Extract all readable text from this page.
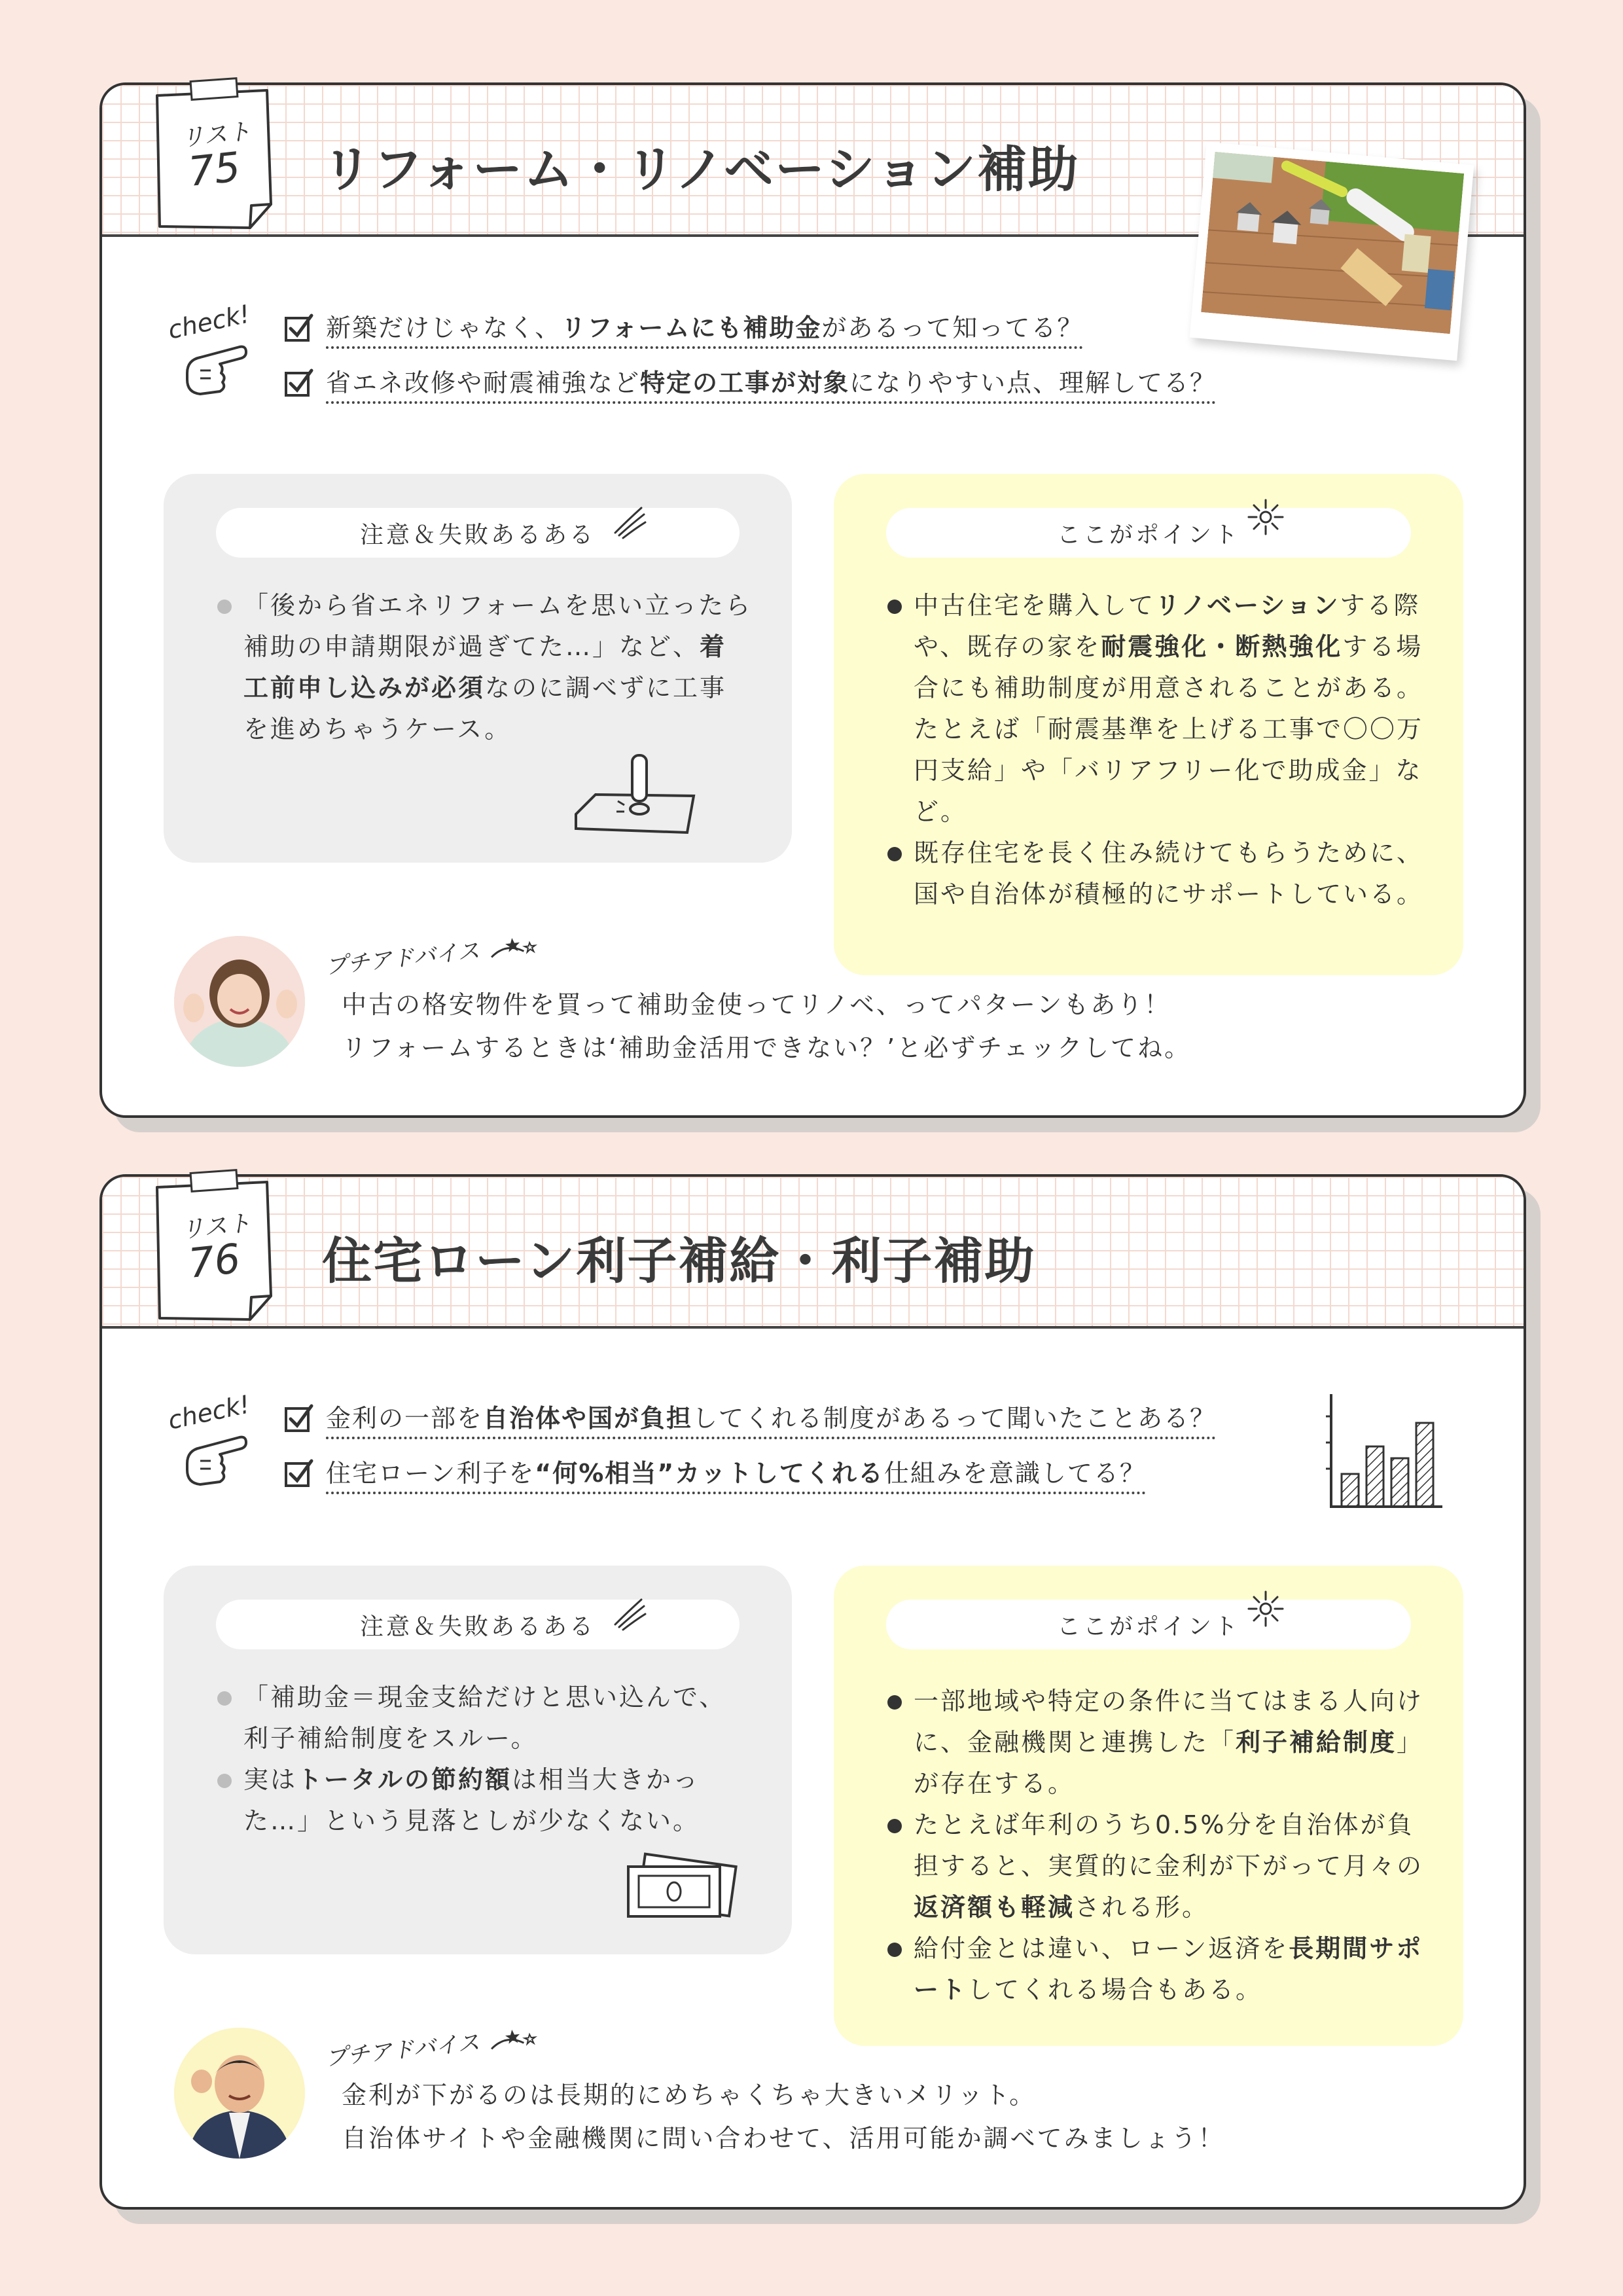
リスト
75 リフォーム・リノベーション補助
check!	新築だけじゃなく、リフォームにも補助金があるって知ってる？
省エネ改修や耐震補強など特定の工事が対象になりやすい点、理解してる？
注意＆失敗あるある
「後から省エネリフォームを思い立ったら補助の申請期限が過ぎてた…」など、着工前申し込みが必須なのに調べずに工事を進めちゃうケース。
ここがポイント
中古住宅を購入してリノベーションする際や、既存の家を耐震強化・断熱強化する場合にも補助制度が用意されることがある。たとえば「耐震基準を上げる工事で〇〇万円支給」や「バリアフリー化で助成金」など。
既存住宅を長く住み続けてもらうために、国や自治体が積極的にサポートしている。
プチアドバイス
中古の格安物件を買って補助金使ってリノベ、ってパターンもあり！
リフォームするときは‘補助金活用できない？’と必ずチェックしてね。
リスト
76 住宅ローン利子補給・利子補助
check!	金利の一部を自治体や国が負担してくれる制度があるって聞いたことある？
住宅ローン利子を“何%相当”カットしてくれる仕組みを意識してる？
注意＆失敗あるある
「補助金＝現金支給だけと思い込んで、利子補給制度をスルー。
実はトータルの節約額は相当大きかった…」という見落としが少なくない。
ここがポイント
一部地域や特定の条件に当てはまる人向けに、金融機関と連携した「利子補給制度」が存在する。
たとえば年利のうち0.5%分を自治体が負担すると、実質的に金利が下がって月々の返済額も軽減される形。
給付金とは違い、ローン返済を長期間サポートしてくれる場合もある。
プチアドバイス
金利が下がるのは長期的にめちゃくちゃ大きいメリット。
自治体サイトや金融機関に問い合わせて、活用可能か調べてみましょう！
